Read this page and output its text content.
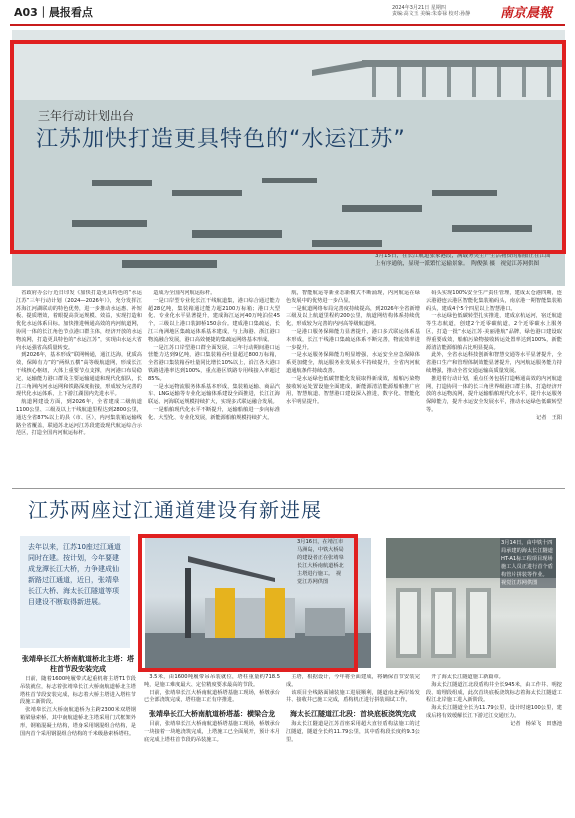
A03｜晨报看点	2024年3月21日 星期四
责编:高文玉 美编:朱泰禄 校对:孙静 南京晨報
三年行动计划出台
江苏加快打造更具特色的“水运江苏”
3月15日，在长江航道张家港段，满载务类生产生活物资的船舶正在江面上有序通航，显现一派繁忙运输景象。　陶俊强 摄　视觉江苏网供图

省政府办公厅近日印发《加快打造更具特色的“水运江苏”三年行动计划（2024—2026年）》，充分发挥江苏海江河湖联动的特色优势，进一步推动水运惠、补短板、提质增效，着眼提高货运规模、效益，实现打造和优化水运体系目标。加快推进畅通高效的内河航道网，协同一体的长江角色节点港口群主体，经济开放的水运物流网，打造更具特色的“水运江苏”，实现由水运大省向水运强省高质量转变。

到2026年，基本形成“联网畅通，通江达海，优质高效，保障有力”的“两纵五横”高等级航道网，形成长江干线核心枢纽，大体上重要节点支撑，内河港口布局稳定，运输能力港口群及主要运输通道和现代化船队，长江三角洲内河水运网和铁路深度衔接，形成较为完善的现代化水运体系，上下游江湖国内先进水平。

航道网建设方面，到2026年，全省建成二级航道1100公里、三级及以上干线航道里程达到2800公里，通达全省87%以上的县（市、区），内河集装箱运输线路全省覆盖，联通苏北运河江苏段建设现代航运综合示范区，打造全国内河航运标杆。

造成为全国内河航运标杆。

一是口岸型专业化长江干线航道集，港口综合通过能力超28亿吨，集装箱通过能力超2100万标箱；港口大型化、专业化水平显著提升，建成海江运河40万吨泊位45个，三级以上港口装卸桥150余台。建成港口集疏运，长江三角洲地区集疏运体系基本建成，与上海港、浙江港口物流融合发展，港口高效便捷的集疏运网络基本形成。

一是江苏口岸型港口群全面发展，三年行动期间港口运营能力达到9亿吨，港口集装箱吞吐量超过800万标箱，全省港口集装箱吞吐量同比增长10%以上，沿江各大港口铁路进港率达到100%，重点港区铁路专用线接入率超过85%。

一是水运物流服务体系基本形成，集装箱运输、商品汽车、LNG运输等专业化运输体系建设全面推进，长江江海联运、河海联运规模持续扩大，实现多式联运融合发展。

一是船舶现代化水平不断提升，运输船舶进一步向标准化、大型化、专业化发展，新能源船舶规模持续扩大。

航，智能航运等新业态新模式不断涌现，内河航运在绿色发展中的优势进一步凸显。

一是航道网络布局完善度持续提高，到2026年全省新增三级及以上航道里程约200公里，航道网结构体系持续优化，形成较为完善的内河高等级航道网。

一是港口服务保障能力显著提升，港口多式联运体系基本形成，长江干线港口集疏运体系不断完善，物流效率进一步提升。

一是水运服务保障能力明显增强，水运安全应急保障体系更加健全，航运服务业发展水平持续提升，全省内河航道通航条件持续改善。

一是水运绿色低碳智能化发展取得新成效，船舶污染物接收转运处置设施全面建成，新能源清洁能源船舶推广应用，智慧航道、智慧港口建设深入推进，数字化、智能化水平明显提升。

码头实现100%安全生产责任管理，建成太仓港四期，连云港港连云港区智能化集装箱码头，南京港一期智能集装箱码头，建成4个5个四星以上智慧港口。

一水运绿色低碳转型扎实推进，建成京杭运河，宿迁航道等生态航道，创建2个近零碳航道，2个近零碳水上服务区，打造一批“水运江苏·美丽港航”品牌，绿色港口建设取得重要成效，船舶污染物接收转运处置率达到100%，新能源清洁能源船舶占比明显提高。

此外，全省水运科技创新和智慧交通等水平显著提升，全省港口生产和管理体制效能显著提升，内河航运服务能力持续增强，推动全省交通运输高质量发展。

推进着行动计划，重点任务包括打造畅通高效的内河航道网，打造协同一体的长三角世界级港口群主体，打造经济开放的水运物流网，提升运输船舶现代化水平，提升水运服务保障能力，提升水运安全发展水平，推动水运绿色低碳转型等。

记者　王阳

江苏两座过江通道建设有新进展
去年以来，江苏10座过江通道同时在建。按计划，今年要建成龙潭长江大桥，力争建成仙新路过江通道，近日，张靖皋长江大桥、海太长江隧道等项目建设不断取得新进展。
3月16日，在靖江市马洲岛，中铁大桥局的建设者正在张靖皋长江大桥南航道桥北主塔进行施工。　视觉江苏网供图
3月14日，由中铁十四局承建的海太长江隧道HT-A1标工程项目现场施工人员正进行首个盾构管片拼装等作业。　视觉江苏网供图

张靖皋长江大桥南航道桥北主塔：塔柱首节段安装完成

日前，随着1600吨履带式起重机将主塔T1节段吊装就位，标志着张靖皋长江大桥南航道桥北主塔塔柱首节段安装完成，标志着大桥主塔进入塔柱节段施工新阶段。

张靖皋长江大桥南航道桥为主跨2300米双塔钢箱梁悬索桥，其中南航道桥北主塔采用门式框架外形，钢箱混凝土结构，塔身采用钢混组合结构，是国内首个采用钢混组合结构的千米级悬索桥塔柱。

3.5米，由1600吨履带吊吊装就位，塔柱重量约718.5吨，是施工难度最大、定位精度要求最高的节段。

日前，张靖皋长江大桥南航道桥塔基施工现场，桥墩承台已全部浇筑完成，塔柱施工正有序推进。

张靖皋长江大桥南航道桥塔基：横梁合龙

目前，张靖皋长江大桥南航道桥塔基施工现场，桥墩承台一块接着一块地浇筑完成，上塔施工已全面展开，预计本月底完成上塔柱首节段的吊装施工。

主塔，根据设计，今年将全面建成，将确保首节安装完成。

该项目全线路面铺装施工进展顺利，隧道南北两岸始发井、接收井已施工完成，盾构机正进行拼装调试工作。

海太长江隧道江北段：首块底板浇筑完成

海太长江隧道是江苏首座采用超大直径盾构法施工的过江隧道，隧道全长约11.79公里，其中盾构段长度约9.3公里。

开了海太长江隧道施工新篇章。

海太长江隧道江北段盾构井全长945米，由工作井、明挖段、暗埋段组成，此次首块底板浇筑标志着海太长江隧道工程江北岸施工进入新阶段。

海太长江隧道全长为11.79公里，设计时速100公里，建成后将有效缓解长江下游过江交通压力。

记者　杨荣飞　田惠池
